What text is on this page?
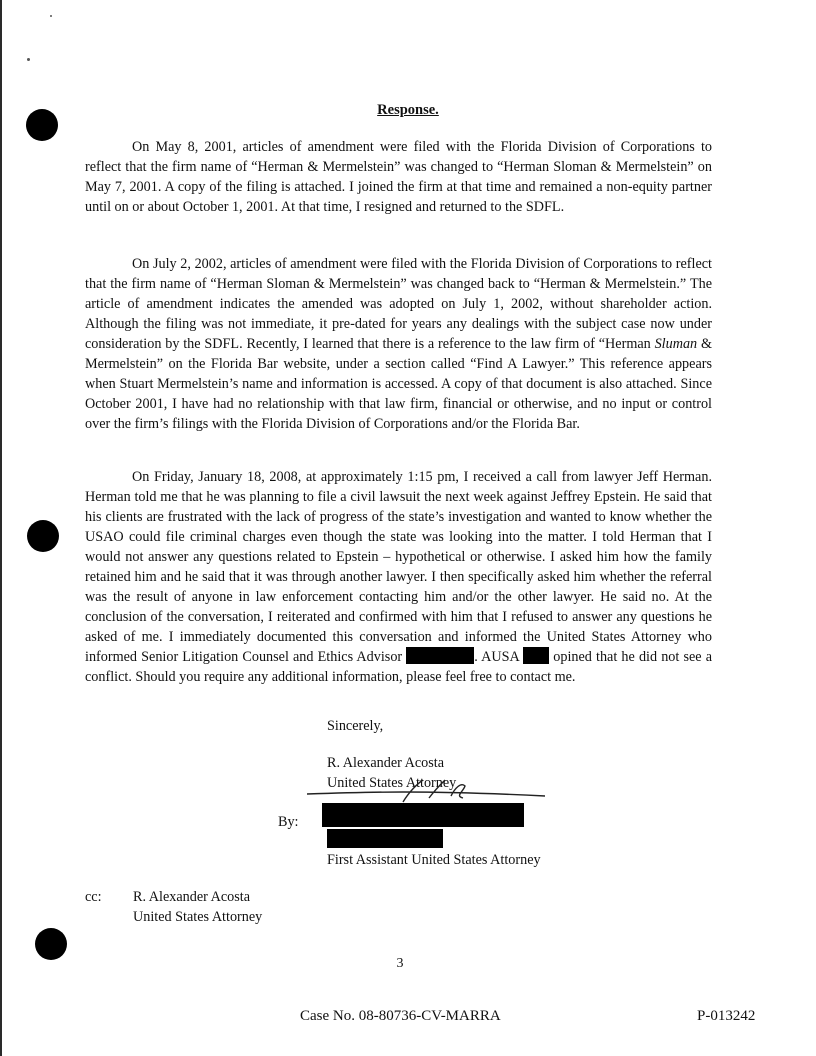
Response.

On May 8, 2001, articles of amendment were filed with the Florida Division of Corporations to reflect that the firm name of “Herman & Mermelstein” was changed to “Herman Sloman & Mermelstein” on May 7, 2001. A copy of the filing is attached. I joined the firm at that time and remained a non-equity partner until on or about October 1, 2001. At that time, I resigned and returned to the SDFL.

On July 2, 2002, articles of amendment were filed with the Florida Division of Corporations to reflect that the firm name of “Herman Sloman & Mermelstein” was changed back to “Herman & Mermelstein.” The article of amendment indicates the amended was adopted on July 1, 2002, without shareholder action. Although the filing was not immediate, it pre-dated for years any dealings with the subject case now under consideration by the SDFL. Recently, I learned that there is a reference to the law firm of “Herman Sluman & Mermelstein” on the Florida Bar website, under a section called “Find A Lawyer.” This reference appears when Stuart Mermelstein’s name and information is accessed. A copy of that document is also attached. Since October 2001, I have had no relationship with that law firm, financial or otherwise, and no input or control over the firm’s filings with the Florida Division of Corporations and/or the Florida Bar.

On Friday, January 18, 2008, at approximately 1:15 pm, I received a call from lawyer Jeff Herman. Herman told me that he was planning to file a civil lawsuit the next week against Jeffrey Epstein. He said that his clients are frustrated with the lack of progress of the state’s investigation and wanted to know whether the USAO could file criminal charges even though the state was looking into the matter. I told Herman that I would not answer any questions related to Epstein – hypothetical or otherwise. I asked him how the family retained him and he said that it was through another lawyer. I then specifically asked him whether the referral was the result of anyone in law enforcement contacting him and/or the other lawyer. He said no. At the conclusion of the conversation, I reiterated and confirmed with him that I refused to answer any questions he asked of me. I immediately documented this conversation and informed the United States Attorney who informed Senior Litigation Counsel and Ethics Advisor	. AUSA  opined that he did not see a conflict. Should you require any additional information, please feel free to contact me.

Sincerely,
R. Alexander Acosta
United States Attorney
By:
First Assistant United States Attorney
cc: R. Alexander Acosta
United States Attorney
3
Case No. 08-80736-CV-MARRA	P-013242
